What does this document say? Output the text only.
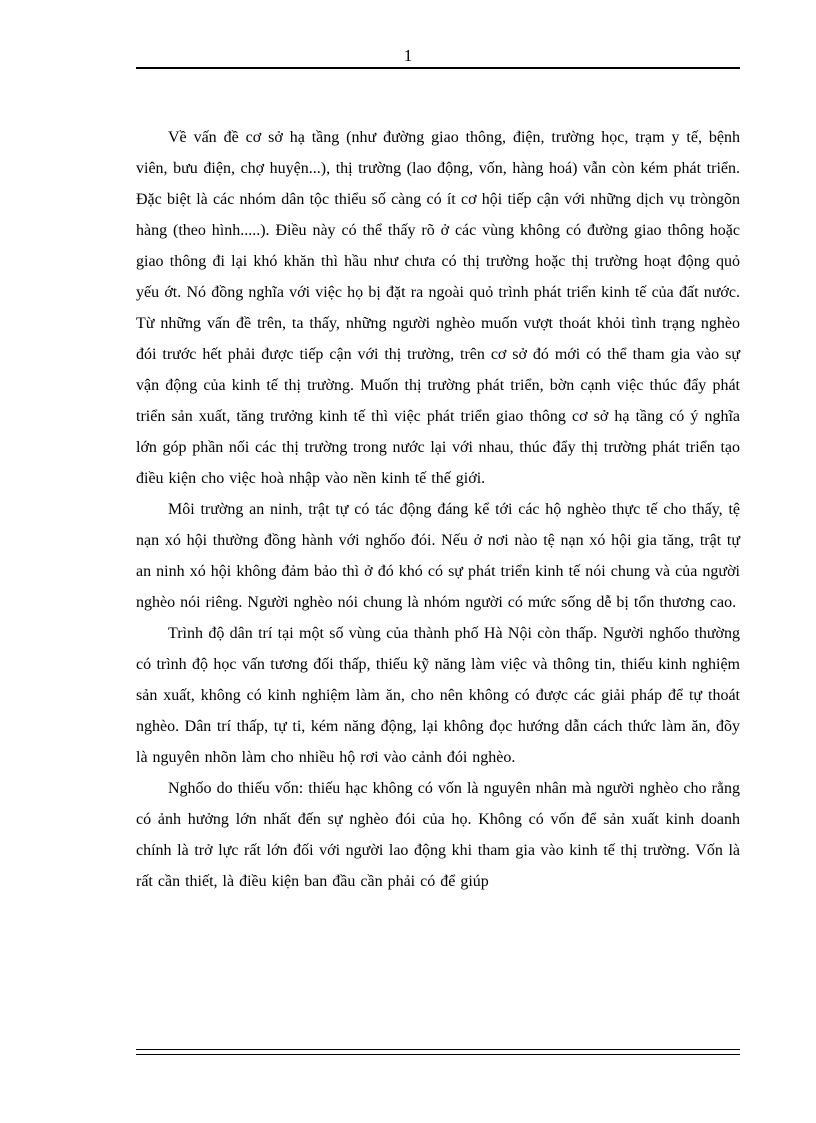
1

Về vấn đề cơ sở hạ tầng (như đường giao thông, điện, trường học, trạm y tế, bệnh viên, bưu điện, chợ huyện...), thị trường (lao động, vốn, hàng hoá) vẫn còn kém phát triển. Đặc biệt là các nhóm dân tộc thiểu số càng có ít cơ hội tiếp cận với những dịch vụ tròngõn hàng (theo hình.....). Điều này có thể thấy rõ ở các vùng không có đường giao thông hoặc giao thông đi lại khó khăn thì hầu như chưa có thị trường hoặc thị trường hoạt động quỏ yếu ớt. Nó đồng nghĩa với việc họ bị đặt ra ngoài quỏ trình phát triển kinh tế của đất nước. Từ những vấn đề trên, ta thấy, những người nghèo muốn vượt thoát khỏi tình trạng nghèo đói trước hết phải được tiếp cận với thị trường, trên cơ sở đó mới có thể tham gia vào sự vận động của kinh tế thị trường. Muốn thị trường phát triển, bờn cạnh việc thúc đẩy phát triển sản xuất, tăng trưởng kinh tế thì việc phát triển giao thông cơ sở hạ tầng có ý nghĩa lớn góp phần nối các thị trường trong nước lại với nhau, thúc đẩy thị trường phát triển tạo điều kiện cho việc hoà nhập vào nền kinh tế thế giới.

Môi trường an ninh, trật tự có tác động đáng kể tới các hộ nghèo thực tế cho thấy, tệ nạn xó hội thường đồng hành với nghốo đói. Nếu ở nơi nào tệ nạn xó hội gia tăng, trật tự an ninh xó hội không đảm bảo thì ở đó khó có sự phát triển kinh tế nói chung và của người nghèo nói riêng. Người nghèo nói chung là nhóm người có mức sống dễ bị tổn thương cao.

Trình độ dân trí tại một số vùng của thành phố Hà Nội còn thấp. Người nghốo thường có trình độ học vấn tương đối thấp, thiếu kỹ năng làm việc và thông tin, thiếu kinh nghiệm sản xuất, không có kinh nghiệm làm ăn, cho nên không có được các giải pháp để tự thoát nghèo. Dân trí thấp, tự ti, kém năng động, lại không đọc hướng dẫn cách thức làm ăn, đõy là nguyên nhõn làm cho nhiều hộ rơi vào cảnh đói nghèo.

Nghốo do thiếu vốn: thiếu hạc không có vốn là nguyên nhân mà người nghèo cho rằng có ảnh hưởng lớn nhất đến sự nghèo đói của họ. Không có vốn để sản xuất kinh doanh chính là trở lực rất lớn đối với người lao động khi tham gia vào kinh tế thị trường. Vốn là rất cần thiết, là điều kiện ban đầu cần phải có để giúp
